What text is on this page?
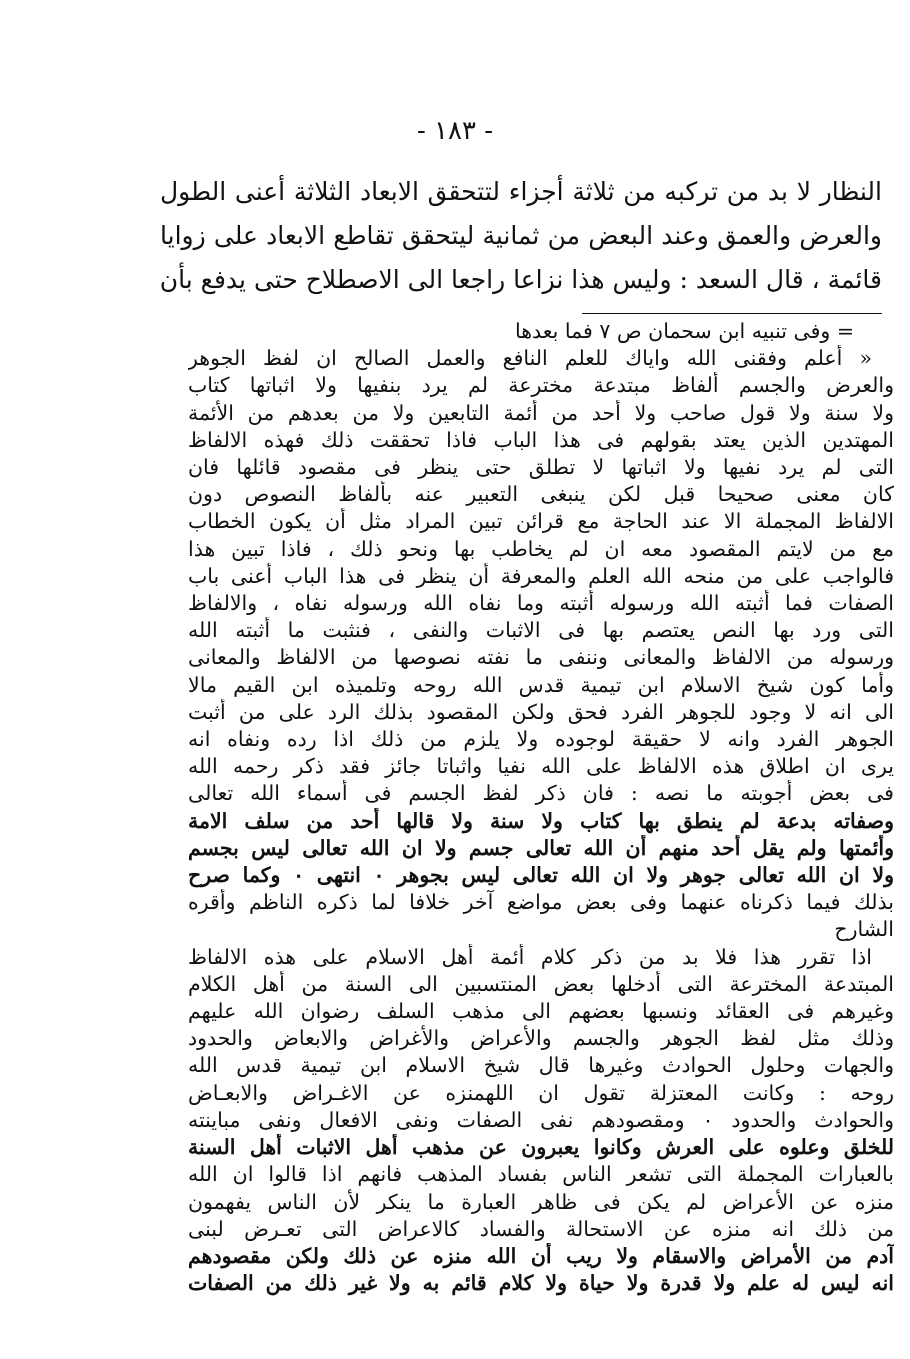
- ١٨٣ -
النظار لا بد من تركبه من ثلاثة أجزاء لتتحقق الابعاد الثلاثة أعنى الطول
والعرض والعمق وعند البعض من ثمانية ليتحقق تقاطع الابعاد على زوايا
قائمة ، قال السعد : وليس هذا نزاعا راجعا الى الاصطلاح حتى يدفع بأن
= وفى تنبيه ابن سحمان ص ٧ فما بعدها
« أعلم وفقنى الله واياك للعلم النافع والعمل الصالح ان لفظ الجوهر
والعرض والجسم ألفاظ مبتدعة مخترعة لم يرد بنفيها ولا اثباتها كتاب
ولا سنة ولا قول صاحب ولا أحد من أئمة التابعين ولا من بعدهم من الأئمة
المهتدين الذين يعتد بقولهم فى هذا الباب فاذا تحققت ذلك فهذه الالفاظ
التى لم يرد نفيها ولا اثباتها لا تطلق حتى ينظر فى مقصود قائلها فان
كان معنى صحيحا قبل لكن ينبغى التعبير عنه بألفاظ النصوص دون
الالفاظ المجملة الا عند الحاجة مع قرائن تبين المراد مثل أن يكون الخطاب
مع من لايتم المقصود معه ان لم يخاطب بها ونحو ذلك ، فاذا تبين هذا
فالواجب على من منحه الله العلم والمعرفة أن ينظر فى هذا الباب أعنى باب
الصفات فما أثبته الله ورسوله أثبته وما نفاه الله ورسوله نفاه ، والالفاظ
التى ورد بها النص يعتصم بها فى الاثبات والنفى ، فنثبت ما أثبته الله
ورسوله من الالفاظ والمعانى وننفى ما نفته نصوصها من الالفاظ والمعانى
وأما كون شيخ الاسلام ابن تيمية قدس الله روحه وتلميذه ابن القيم مالا
الى انه لا وجود للجوهر الفرد فحق ولكن المقصود بذلك الرد على من أثبت
الجوهر الفرد وانه لا حقيقة لوجوده ولا يلزم من ذلك اذا رده ونفاه انه
يرى ان اطلاق هذه الالفاظ على الله نفيا واثباتا جائز فقد ذكر رحمه الله
فى بعض أجوبته ما نصه : فان ذكر لفظ الجسم فى أسماء الله تعالى
وصفاته بدعة لم ينطق بها كتاب ولا سنة ولا قالها أحد من سلف الامة
وأئمتها ولم يقل أحد منهم أن الله تعالى جسم ولا ان الله تعالى ليس بجسم
ولا ان الله تعالى جوهر ولا ان الله تعالى ليس بجوهر ٠ انتهى ٠ وكما صرح
بذلك فيما ذكرناه عنهما وفى بعض مواضع آخر خلافا لما ذكره الناظم وأقره
الشارح
اذا تقرر هذا فلا بد من ذكر كلام أئمة أهل الاسلام على هذه الالفاظ
المبتدعة المخترعة التى أدخلها بعض المنتسبين الى السنة من أهل الكلام
وغيرهم فى العقائد ونسبها بعضهم الى مذهب السلف رضوان الله عليهم
وذلك مثل لفظ الجوهر والجسم والأعراض والأغراض والابعاض والحدود
والجهات وحلول الحوادث وغيرها قال شيخ الاسلام ابن تيمية قدس الله
روحه : وكانت المعتزلة تقول ان اللهمنزه عن الاغـراض والابعـاض
والحوادث والحدود ٠ ومقصودهم نفى الصفات ونفى الافعال ونفى مباينته
للخلق وعلوه على العرش وكانوا يعبرون عن مذهب أهل الاثبات أهل السنة
بالعبارات المجملة التى تشعر الناس بفساد المذهب فانهم اذا قالوا ان الله
منزه عن الأعراض لم يكن فى ظاهر العبارة ما ينكر لأن الناس يفهمون
من ذلك انه منزه عن الاستحالة والفساد كالاعراض التى تعـرض لبنى
آدم من الأمراض والاسقام ولا ريب أن الله منزه عن ذلك ولكن مقصودهم
انه ليس له علم ولا قدرة ولا حياة ولا كلام قائم به ولا غير ذلك من الصفات
